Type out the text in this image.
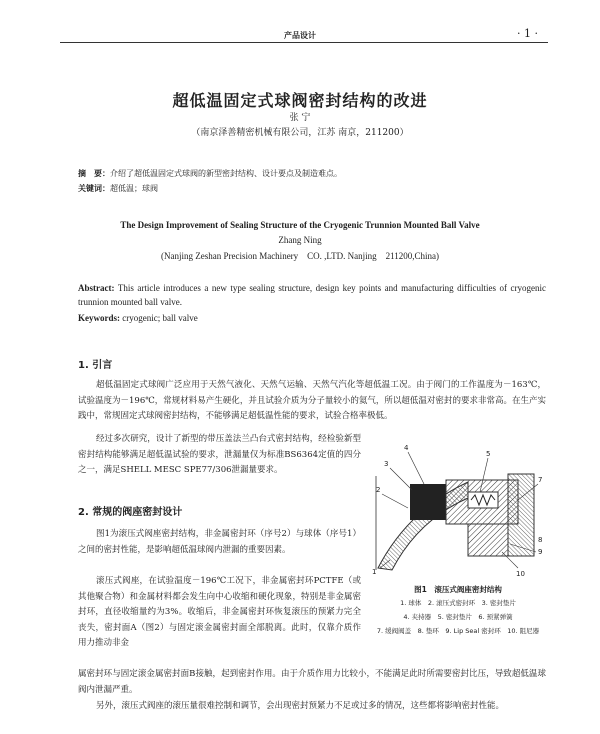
产品设计	· 1 ·
超低温固定式球阀密封结构的改进
张 宁
（南京泽善精密机械有限公司，江苏 南京，211200）
摘　要：介绍了超低温固定式球阀的新型密封结构、设计要点及制造难点。
关键词：超低温；球阀
The Design Improvement of Sealing Structure of the Cryogenic Trunnion Mounted Ball Valve
Zhang Ning
(Nanjing Zeshan Precision Machinery　CO. ,LTD. Nanjing　211200,China)
Abstract: This article introduces a new type sealing structure, design key points and manufacturing difficulties of cryogenic trunnion mounted ball valve.
Keywords: cryogenic; ball valve
1. 引言
超低温固定式球阀广泛应用于天然气液化、天然气运输、天然气汽化等超低温工况。由于阀门的工作温度为－163℃，试验温度为－196℃，常规材料易产生硬化，并且试验介质为分子量较小的氦气，所以超低温对密封的要求非常高。在生产实践中，常规固定式球阀密封结构，不能够满足超低温性能的要求，试验合格率极低。
经过多次研究，设计了新型的带压盖法兰凸台式密封结构，经检验新型密封结构能够满足超低温试验的要求，泄漏量仅为标准BS6364定值的四分之一，满足SHELL MESC SPE77/306泄漏量要求。
2. 常规的阀座密封设计
图1为滚压式阀座密封结构，非金属密封环（序号2）与球体（序号1）之间的密封性能，是影响超低温球阀内泄漏的重要因素。
滚压式阀座，在试验温度－196℃工况下，非金属密封环PCTFE（或其他聚合物）和金属材料都会发生向中心收缩和硬化现象，特别是非金属密封环，直径收缩量约为3%。收缩后，非金属密封环恢复滚压的预紧力完全丧失，密封面A（图2）与固定滚金属密封面全部脱离。此时，仅靠介质作用力推动非金
属密封环与固定滚金属密封面B接触，起到密封作用。由于介质作用力比较小，不能满足此时所需要密封比压，导致超低温球阀内泄漏严重。
另外，滚压式阀座的滚压量很难控制和调节，会出现密封预紧力不足或过多的情况，这些都将影响密封性能。
4
5
3
2
7
8
9
1	10
图1　滚压式阀座密封结构
1. 球体　2. 滚压式密封环　3. 密封垫片
4. 夹持器　5. 密封垫片　6. 预紧弹簧
7. 缓阀阀盖　8. 垫环　9. Lip Seal 密封环　10. 阻尼器
